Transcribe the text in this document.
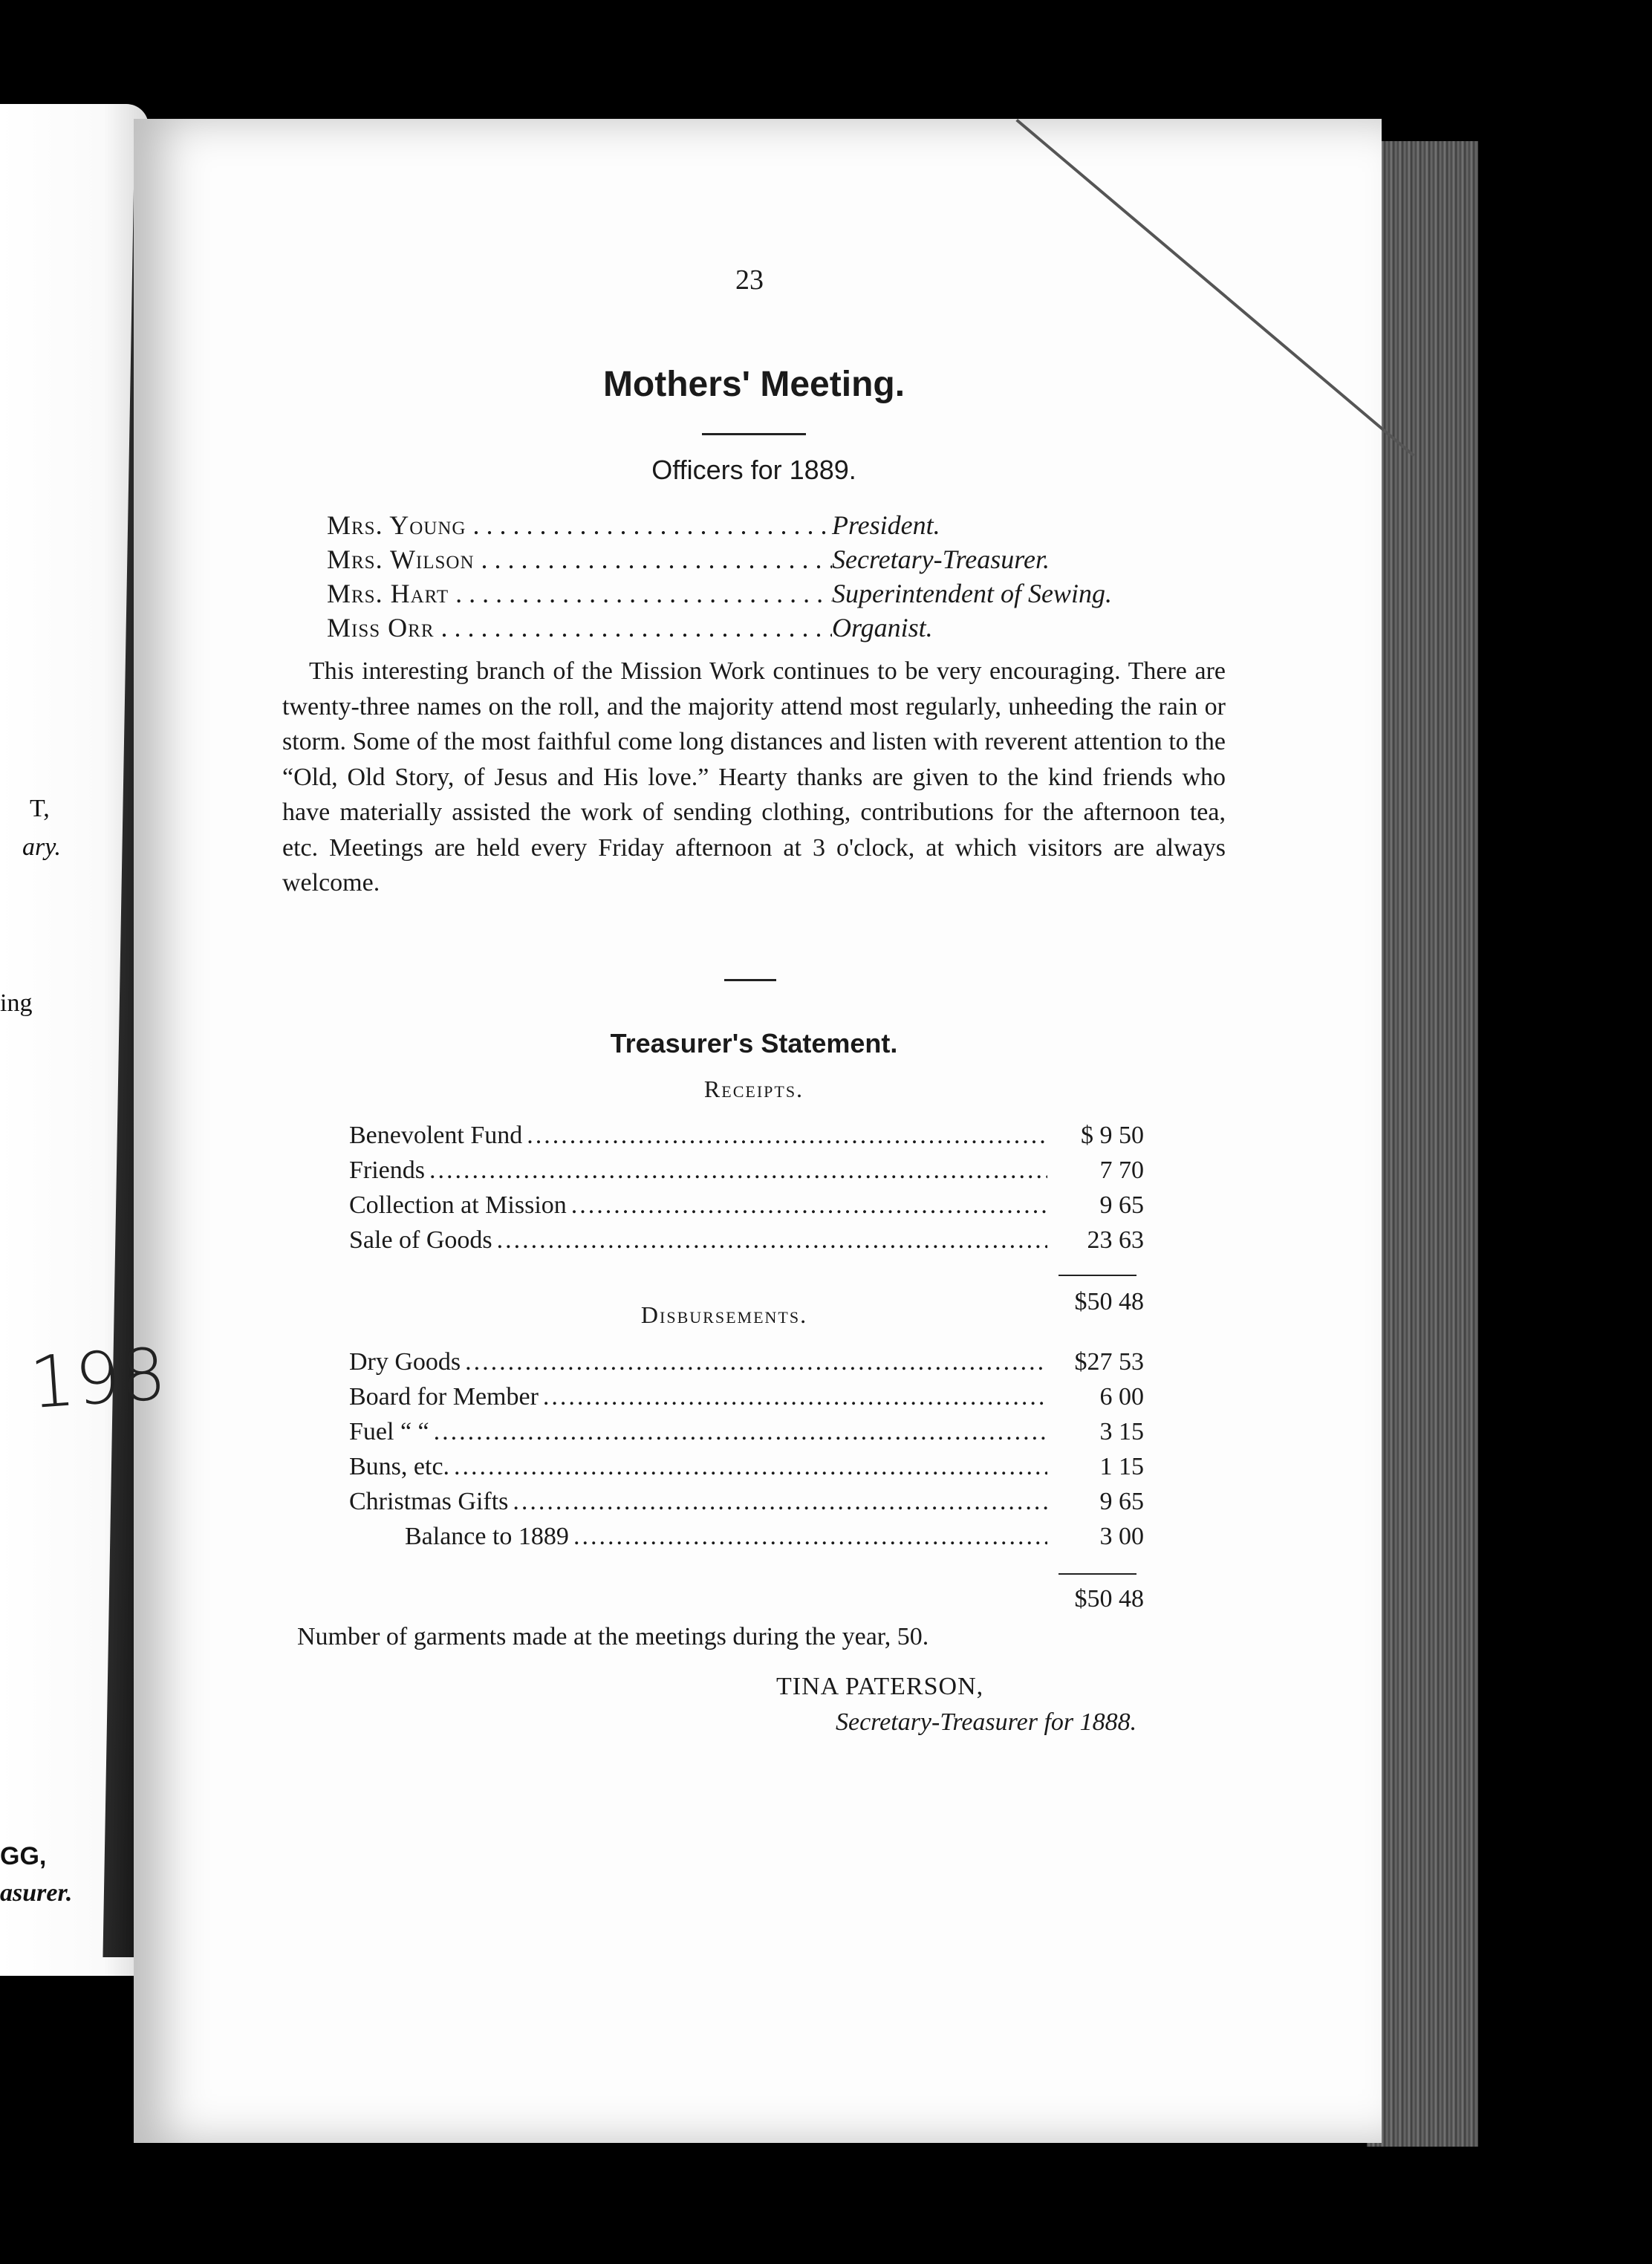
T,
ary.
ing
GG,
asurer.
198
23
Mothers' Meeting.
Officers for 1889.
Mrs. Young . . .	President.
Mrs. Wilson . . .	Secretary-Treasurer.
Mrs. Hart . . .	Superintendent of Sewing.
Miss Orr . . .	Organist.
This interesting branch of the Mission Work continues to be very encouraging. There are twenty-three names on the roll, and the majority attend most regularly, unheeding the rain or storm. Some of the most faithful come long distances and listen with reverent attention to the “Old, Old Story, of Jesus and His love.” Hearty thanks are given to the kind friends who have materially assisted the work of sending clothing, contributions for the afternoon tea, etc. Meetings are held every Friday afternoon at 3 o'clock, at which visitors are always welcome.
Treasurer's Statement.
Receipts.
Benevolent Fund .....	$ 9 50
Friends .....	7 70
Collection at Mission .....	9 65
Sale of Goods .....	23 63
$50 48
Disbursements.
Dry Goods .....	$27 53
Board for Member .....	6 00
Fuel “ “ .....	3 15
Buns, etc. .....	1 15
Christmas Gifts .....	9 65
Balance to 1889 .....	3 00
$50 48
Number of garments made at the meetings during the year, 50.
TINA PATERSON,
Secretary-Treasurer for 1888.
